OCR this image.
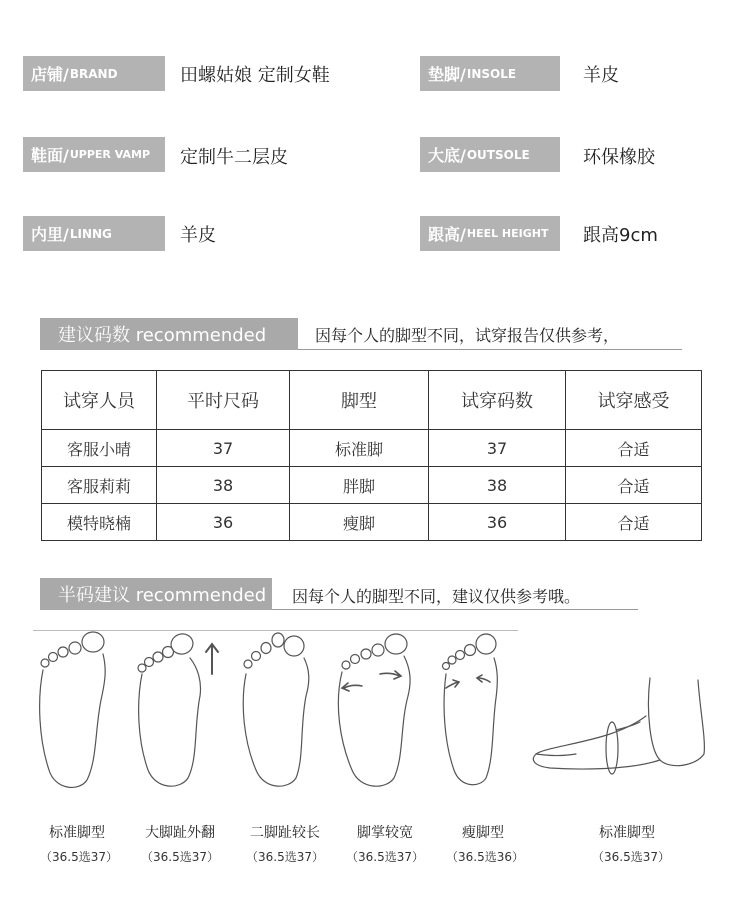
店铺/ BRAND	田螺姑娘 定制女鞋	垫脚/ INSOLE	羊皮
鞋面/ UPPER VAMP 定制牛二层皮	大底/ OUTSOLE	环保橡胶
内里/ LINNG	羊皮	跟高/ HEEL HEIGHT 跟高9cm
建议码数 recommended	因每个人的脚型不同，试穿报告仅供参考，
试穿人员	平时尺码	脚型	试穿码数	试穿感受
客服小晴	37	标准脚	37	合适
客服莉莉	38	胖脚	38	合适
模特晓楠	36	瘦脚	36	合适
半码建议 recommended	因每个人的脚型不同，建议仅供参考哦。
标准脚型
（36.5选37）
大脚趾外翻
（36.5选37）
二脚趾较长
（36.5选37）
脚掌较宽
（36.5选37）
瘦脚型
（36.5选36）
标准脚型
（36.5选37）
